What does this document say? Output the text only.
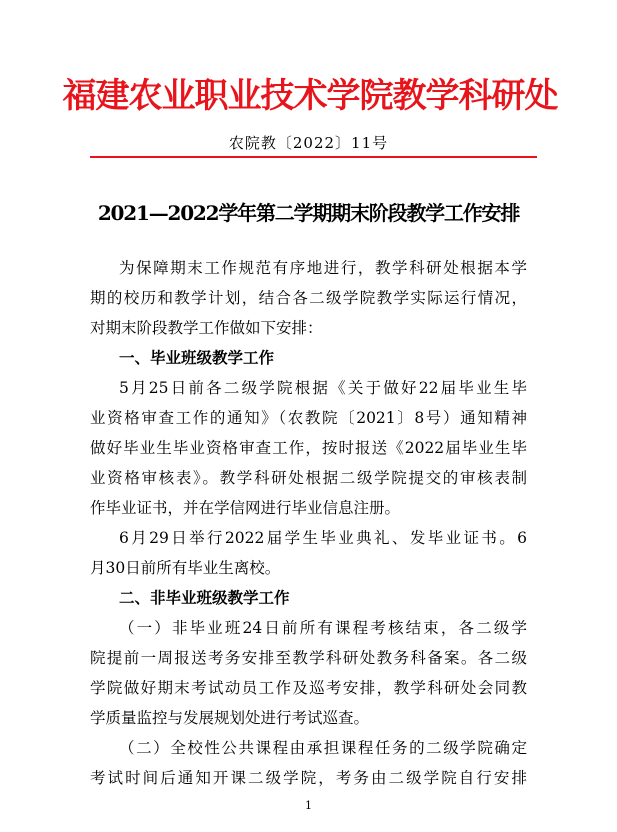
福建农业职业技术学院教学科研处
农院教〔2022〕11号
2021—2022学年第二学期期末阶段教学工作安排
为保障期末工作规范有序地进行，教学科研处根据本学
期的校历和教学计划，结合各二级学院教学实际运行情况，
对期末阶段教学工作做如下安排：
一、毕业班级教学工作
5月25日前各二级学院根据《关于做好22届毕业生毕
业资格审查工作的通知》（农教院〔2021〕8号）通知精神
做好毕业生毕业资格审查工作，按时报送《2022届毕业生毕
业资格审核表》。教学科研处根据二级学院提交的审核表制
作毕业证书，并在学信网进行毕业信息注册。
6月29日举行2022届学生毕业典礼、发毕业证书。6
月30日前所有毕业生离校。
二、非毕业班级教学工作
（一）非毕业班24日前所有课程考核结束，各二级学
院提前一周报送考务安排至教学科研处教务科备案。各二级
学院做好期末考试动员工作及巡考安排，教学科研处会同教
学质量监控与发展规划处进行考试巡查。
（二）全校性公共课程由承担课程任务的二级学院确定
考试时间后通知开课二级学院，考务由二级学院自行安排
1
